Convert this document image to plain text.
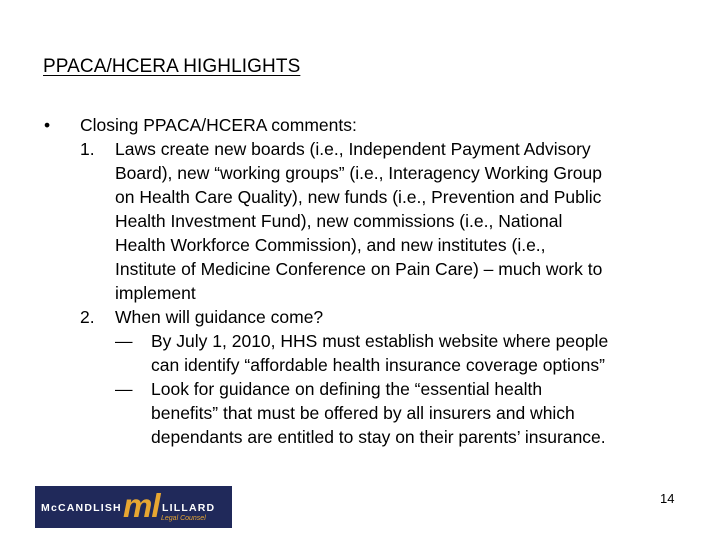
PPACA/HCERA HIGHLIGHTS
• Closing PPACA/HCERA comments:
1. Laws create new boards (i.e., Independent Payment Advisory
Board), new “working groups” (i.e., Interagency Working Group
on Health Care Quality), new funds (i.e., Prevention and Public
Health Investment Fund), new commissions (i.e., National
Health Workforce Commission), and new institutes (i.e.,
Institute of Medicine Conference on Pain Care) – much work to
implement
2. When will guidance come?
— By July 1, 2010, HHS must establish website where people
can identify “affordable health insurance coverage options”
— Look for guidance on defining the “essential health
benefits” that must be offered by all insurers and which
dependants are entitled to stay on their parents’ insurance.
McCANDLISH ml LILLARD
Legal Counsel
14
